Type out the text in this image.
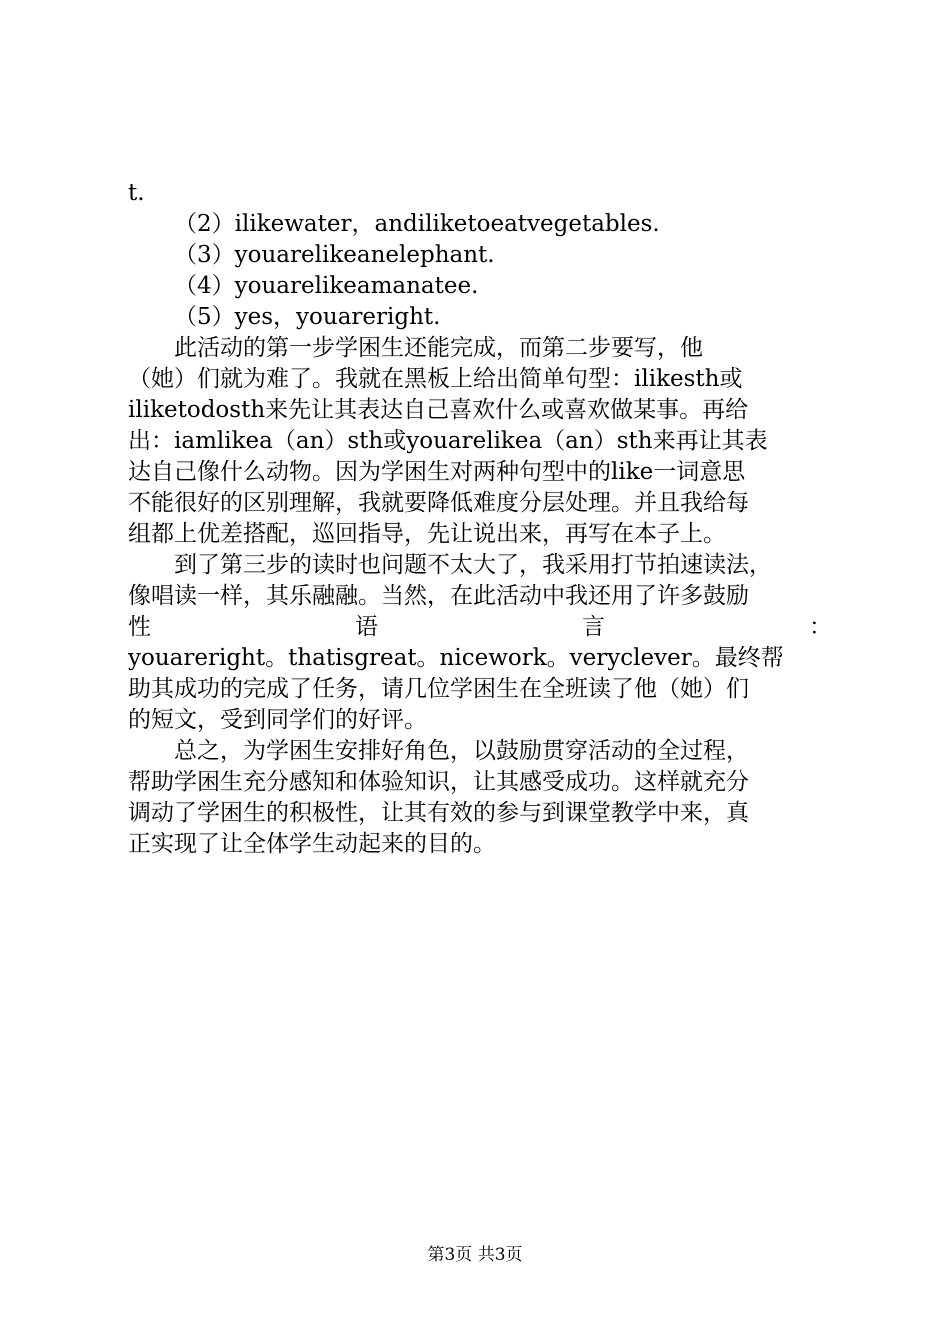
t.
（2）ilikewater，andiliketoeatvegetables.
（3）youarelikeanelephant.
（4）youarelikeamanatee.
（5）yes，youareright.
此活动的第一步学困生还能完成，而第二步要写，他
（她）们就为难了。我就在黑板上给出简单句型：ilikesth或
iliketodosth来先让其表达自己喜欢什么或喜欢做某事。再给
出：iamlikea（an）sth或youarelikea（an）sth来再让其表
达自己像什么动物。因为学困生对两种句型中的like一词意思
不能很好的区别理解，我就要降低难度分层处理。并且我给每
组都上优差搭配，巡回指导，先让说出来，再写在本子上。
到了第三步的读时也问题不太大了，我采用打节拍速读法，
像唱读一样，其乐融融。当然，在此活动中我还用了许多鼓励
性	语	言	：
youareright。thatisgreat。nicework。veryclever。最终帮
助其成功的完成了任务，请几位学困生在全班读了他（她）们
的短文，受到同学们的好评。
总之，为学困生安排好角色，以鼓励贯穿活动的全过程，
帮助学困生充分感知和体验知识，让其感受成功。这样就充分
调动了学困生的积极性，让其有效的参与到课堂教学中来，真
正实现了让全体学生动起来的目的。
第3页 共3页
